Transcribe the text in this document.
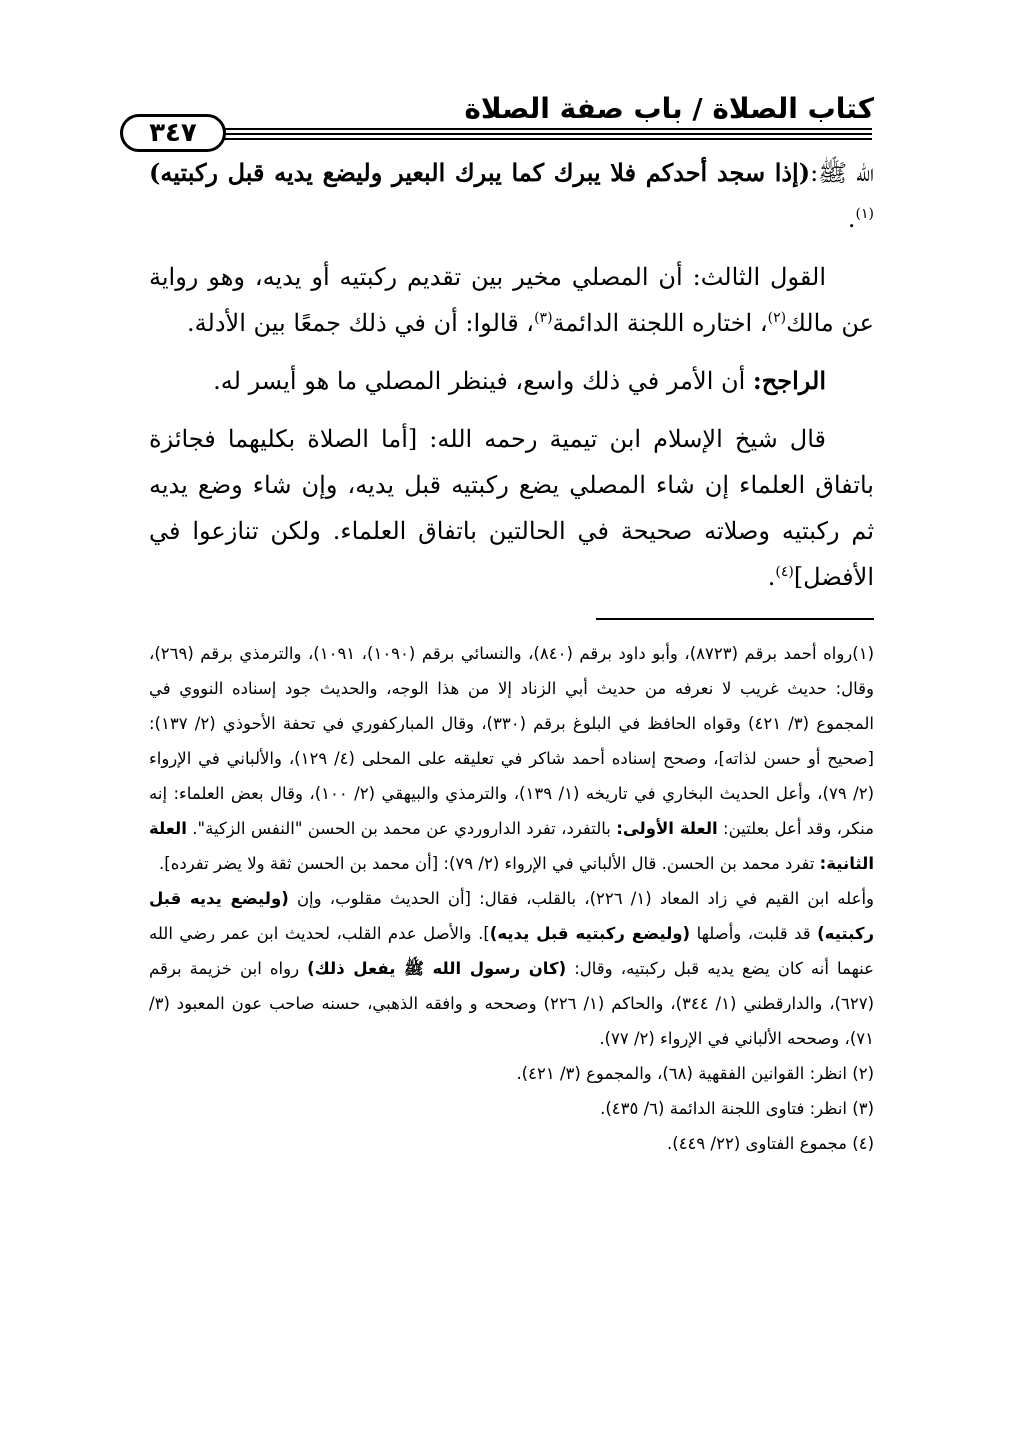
كتاب الصلاة / باب صفة الصلاة
٣٤٧

الله ﷺ:(إذا سجد أحدكم فلا يبرك كما يبرك البعير وليضع يديه قبل ركبتيه)$^{(١)}$.

القول الثالث: أن المصلي مخير بين تقديم ركبتيه أو يديه، وهو رواية عن مالك$^{(٢)}$، اختاره اللجنة الدائمة$^{(٣)}$، قالوا: أن في ذلك جمعًا بين الأدلة.

الراجح: أن الأمر في ذلك واسع، فينظر المصلي ما هو أيسر له.

قال شيخ الإسلام ابن تيمية رحمه الله: [أما الصلاة بكليهما فجائزة باتفاق العلماء إن شاء المصلي يضع ركبتيه قبل يديه، وإن شاء وضع يديه ثم ركبتيه وصلاته صحيحة في الحالتين باتفاق العلماء. ولكن تنازعوا في الأفضل]$^{(٤)}$.

(١)رواه أحمد برقم (٨٧٢٣)، وأبو داود برقم (٨٤٠)، والنسائي برقم (١٠٩٠)، ١٠٩١)، والترمذي برقم (٢٦٩)، وقال: حديث غريب لا نعرفه من حديث أبي الزناد إلا من هذا الوجه، والحديث جود إسناده النووي في المجموع (٣/ ٤٢١) وقواه الحافظ في البلوغ برقم (٣٣٠)، وقال المباركفوري في تحفة الأحوذي (٢/ ١٣٧): [صحيح أو حسن لذاته]، وصحح إسناده أحمد شاكر في تعليقه على المحلى (٤/ ١٢٩)، والألباني في الإرواء (٢/ ٧٩)، وأعل الحديث البخاري في تاريخه (١/ ١٣٩)، والترمذي والبيهقي (٢/ ١٠٠)، وقال بعض العلماء: إنه منكر، وقد أعل بعلتين: العلة الأولى: بالتفرد، تفرد الداروردي عن محمد بن الحسن "النفس الزكية". العلة الثانية: تفرد محمد بن الحسن. قال الألباني في الإرواء (٢/ ٧٩): [أن محمد بن الحسن ثقة ولا يضر تفرده].

وأعله ابن القيم في زاد المعاد (١/ ٢٢٦)، بالقلب، فقال: [أن الحديث مقلوب، وإن (وليضع يديه قبل ركبتيه) قد قلبت، وأصلها (وليضع ركبتيه قبل يديه)]. والأصل عدم القلب، لحديث ابن عمر رضي الله عنهما أنه كان يضع يديه قبل ركبتيه، وقال: (كان رسول الله ﷺ يفعل ذلك) رواه ابن خزيمة برقم (٦٢٧)، والدارقطني (١/ ٣٤٤)، والحاكم (١/ ٢٢٦) وصححه و وافقه الذهبي، حسنه صاحب عون المعبود (٣/ ٧١)، وصححه الألباني في الإرواء (٢/ ٧٧).

(٢) انظر: القوانين الفقهية (٦٨)، والمجموع (٣/ ٤٢١).

(٣) انظر: فتاوى اللجنة الدائمة (٦/ ٤٣٥).

(٤) مجموع الفتاوى (٢٢/ ٤٤٩).
